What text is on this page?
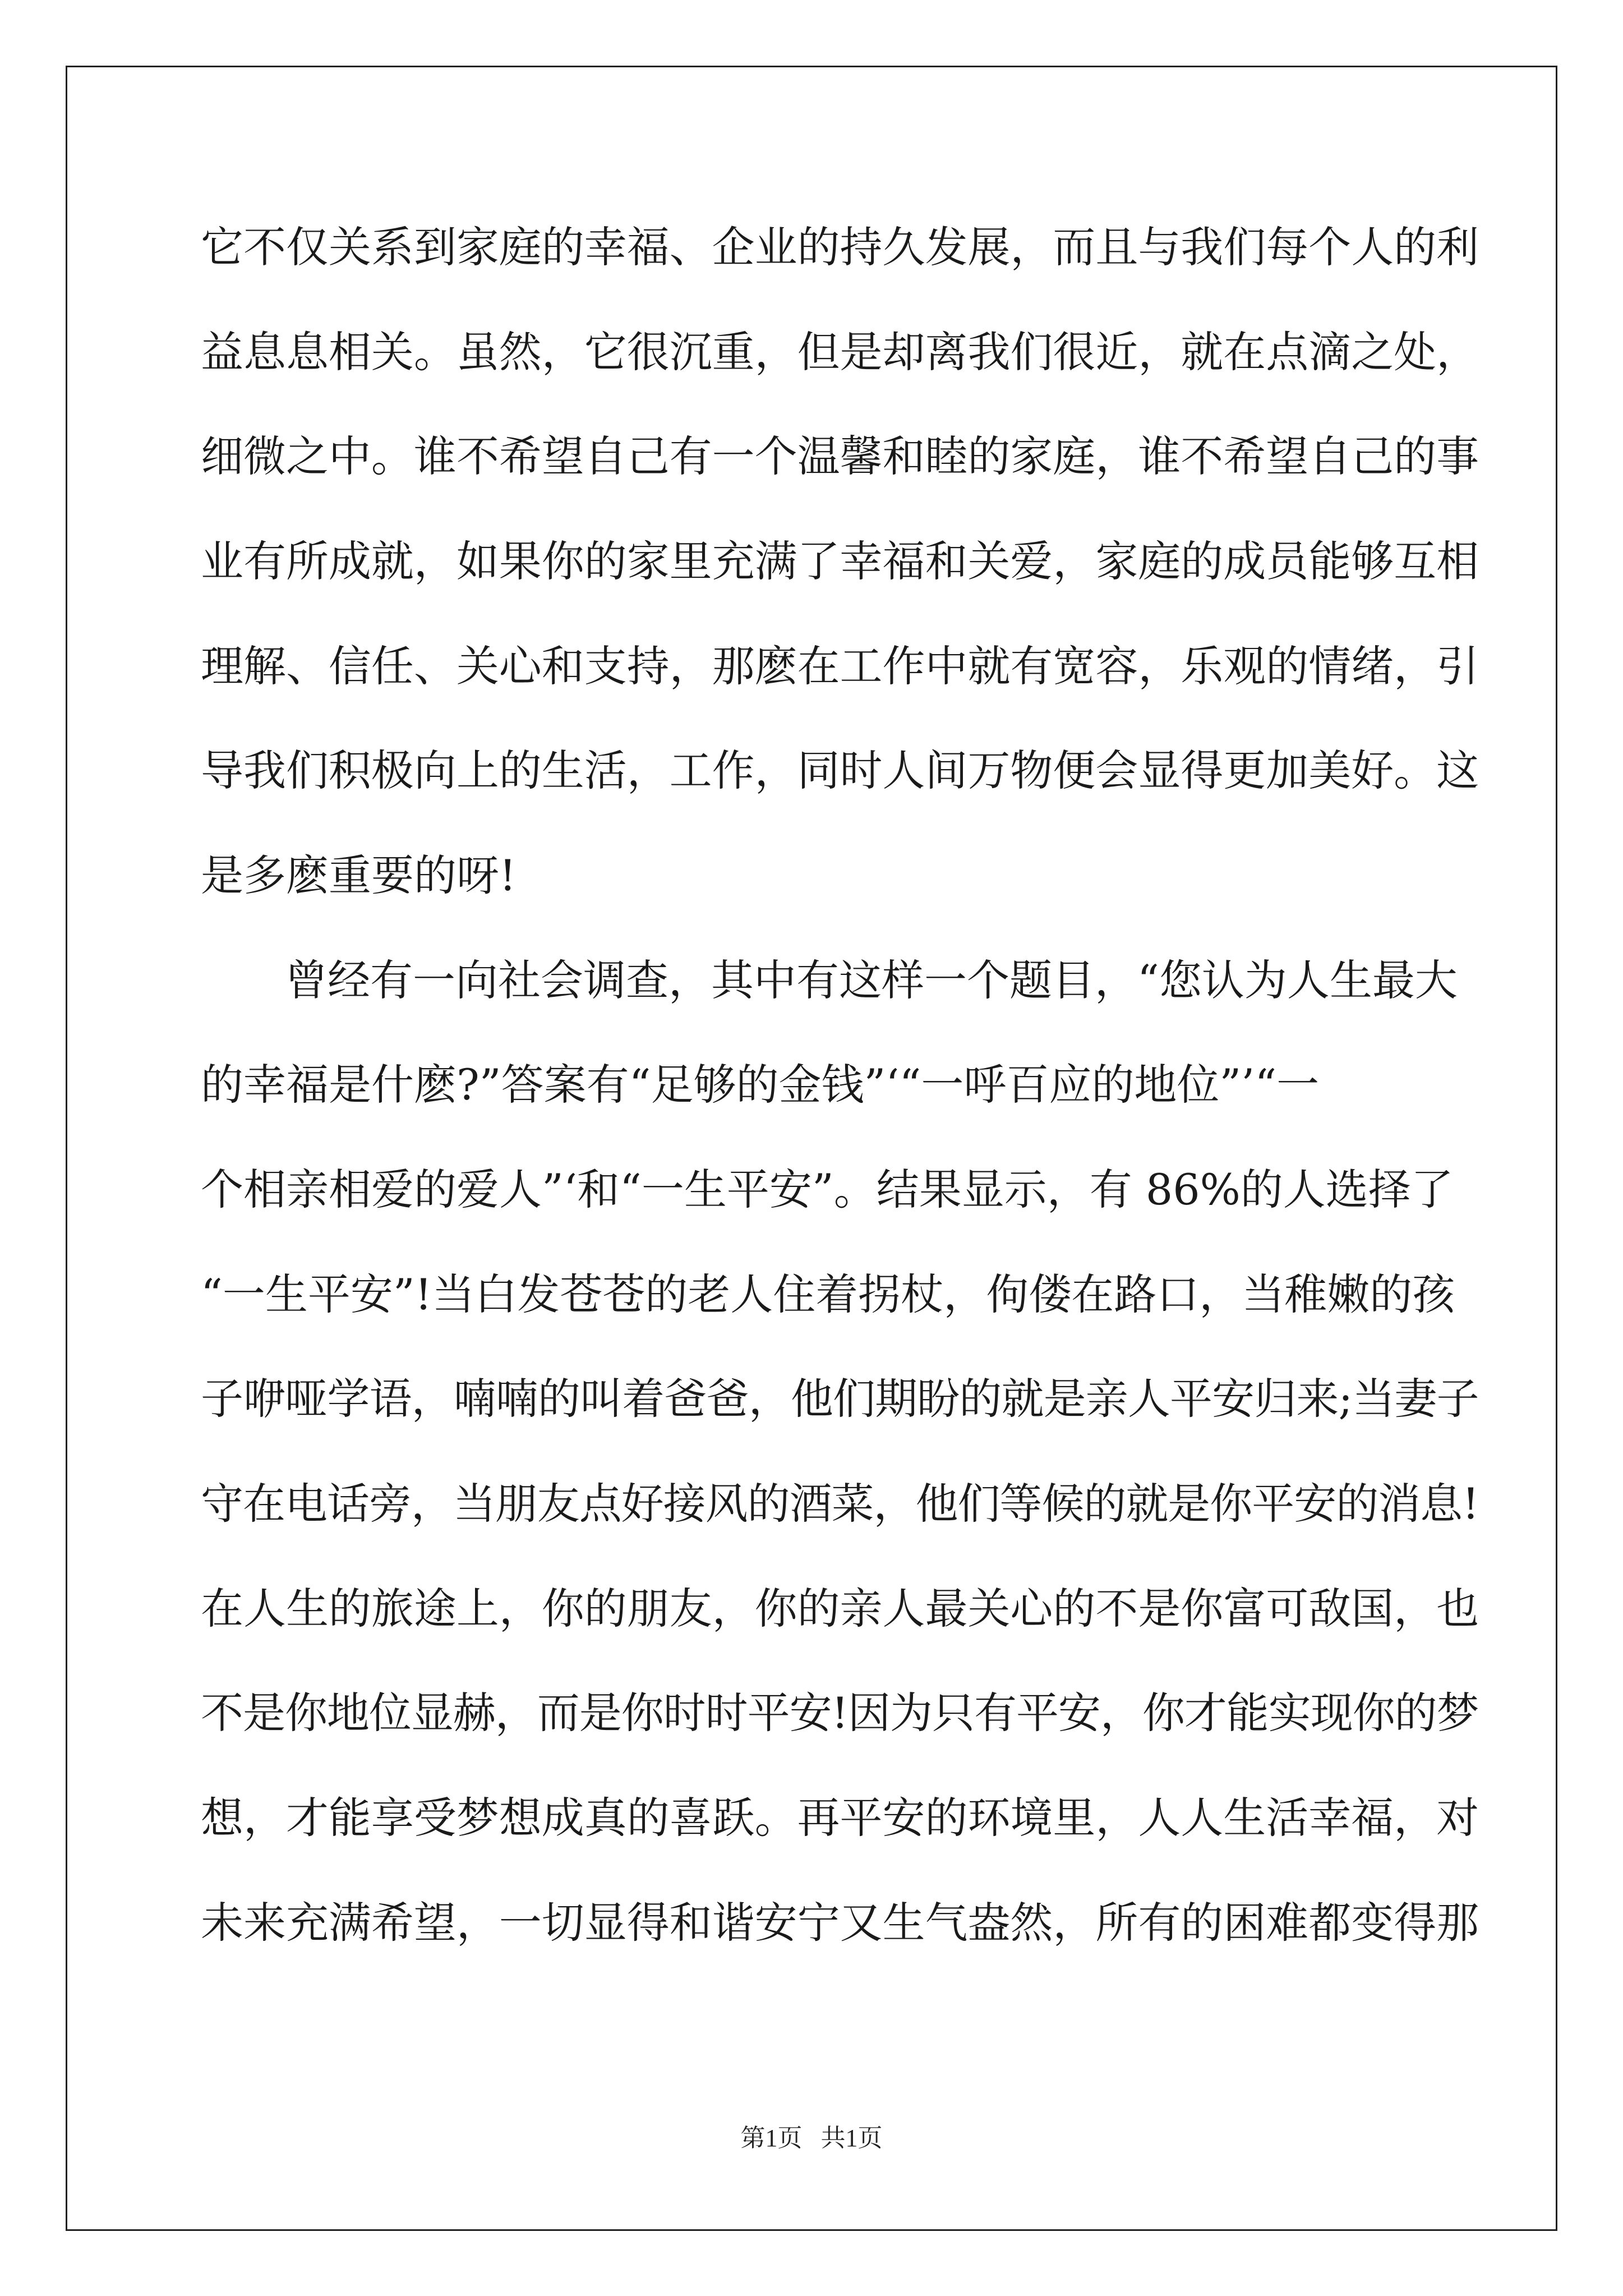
它不仅关系到家庭的幸福、企业的持久发展，而且与我们每个人的利
益息息相关。虽然，它很沉重，但是却离我们很近，就在点滴之处，
细微之中。谁不希望自己有一个温馨和睦的家庭，谁不希望自己的事
业有所成就，如果你的家里充满了幸福和关爱，家庭的成员能够互相
理解、信任、关心和支持，那麽在工作中就有宽容，乐观的情绪，引
导我们积极向上的生活，工作，同时人间万物便会显得更加美好。这
是多麽重要的呀!
曾经有一向社会调查，其中有这样一个题目，“您认为人生最大
的幸福是什麽?”答案有“足够的金钱”‘“一呼百应的地位”’“一
个相亲相爱的爱人”‘和“一生平安”。结果显示，有 86%的人选择了
“一生平安”!当白发苍苍的老人住着拐杖，佝偻在路口，当稚嫩的孩
子咿哑学语，喃喃的叫着爸爸，他们期盼的就是亲人平安归来;当妻子
守在电话旁，当朋友点好接风的酒菜，他们等候的就是你平安的消息!
在人生的旅途上，你的朋友，你的亲人最关心的不是你富可敌国，也
不是你地位显赫，而是你时时平安!因为只有平安，你才能实现你的梦
想，才能享受梦想成真的喜跃。再平安的环境里，人人生活幸福，对
未来充满希望，一切显得和谐安宁又生气盎然，所有的困难都变得那
第1页   共1页
